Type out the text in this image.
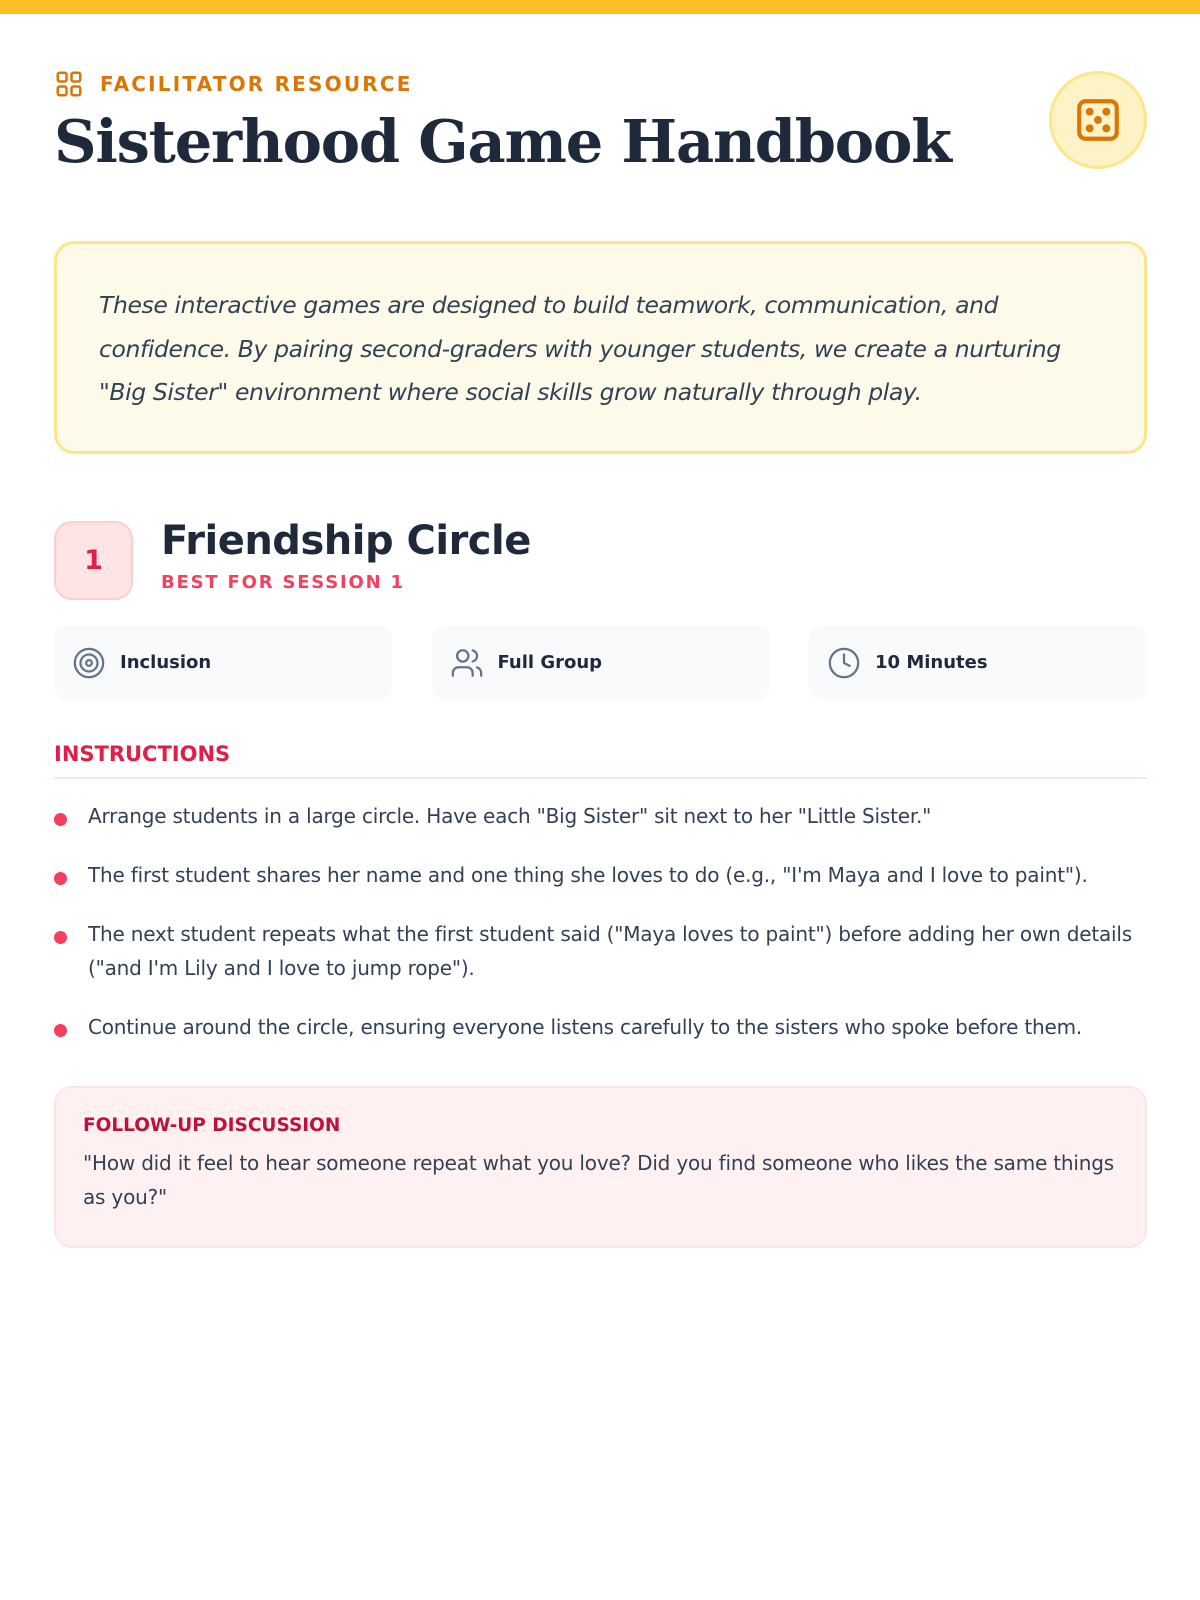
FACILITATOR RESOURCE
Sisterhood Game Handbook

These interactive games are designed to build teamwork, communication, and confidence. By pairing second-graders with younger students, we create a nurturing "Big Sister" environment where social skills grow naturally through play.

1	Friendship Circle
BEST FOR SESSION 1
Inclusion	Full Group	10 Minutes
INSTRUCTIONS
Arrange students in a large circle. Have each "Big Sister" sit next to her "Little Sister."
The first student shares her name and one thing she loves to do (e.g., "I'm Maya and I love to paint").
The next student repeats what the first student said ("Maya loves to paint") before adding her own details ("and I'm Lily and I love to jump rope").
Continue around the circle, ensuring everyone listens carefully to the sisters who spoke before them.
FOLLOW-UP DISCUSSION
"How did it feel to hear someone repeat what you love? Did you find someone who likes the same things as you?"
